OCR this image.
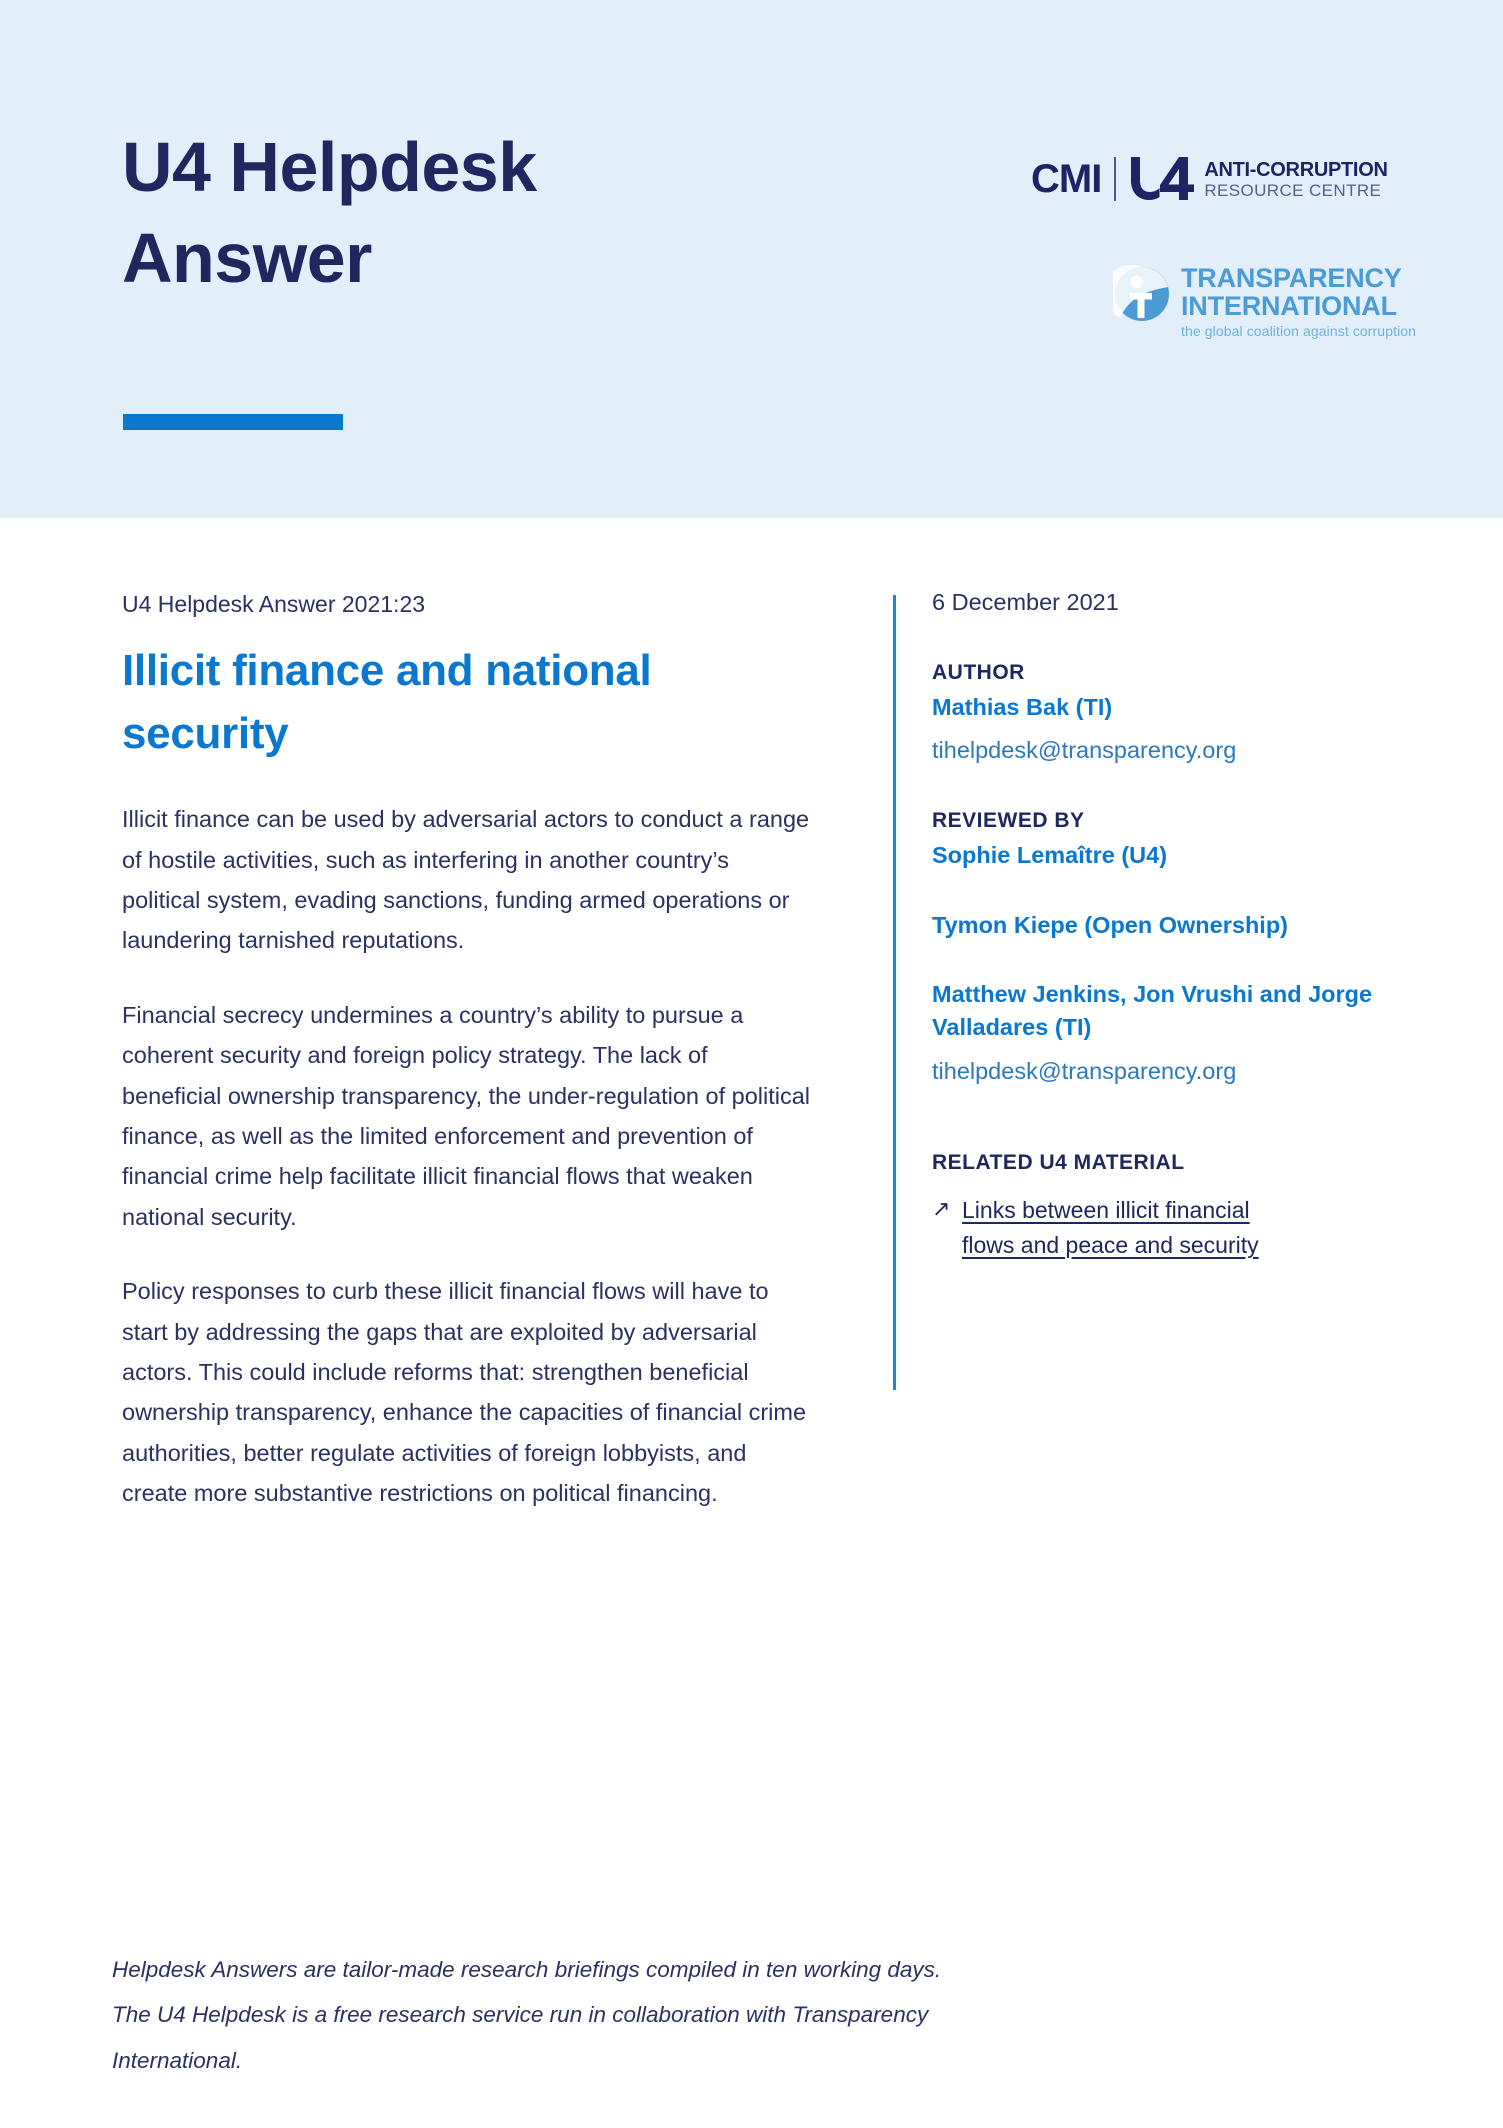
U4 Helpdesk Answer
CMI	ANTI-CORRUPTION
RESOURCE CENTRE
TRANSPARENCY
INTERNATIONAL
the global coalition against corruption
U4 Helpdesk Answer 2021:23
Illicit finance and national security

Illicit finance can be used by adversarial actors to conduct a range of hostile activities, such as interfering in another country’s political system, evading sanctions, funding armed operations or laundering tarnished reputations.

Financial secrecy undermines a country’s ability to pursue a coherent security and foreign policy strategy. The lack of beneficial ownership transparency, the under-regulation of political finance, as well as the limited enforcement and prevention of financial crime help facilitate illicit financial flows that weaken national security.

Policy responses to curb these illicit financial flows will have to start by addressing the gaps that are exploited by adversarial actors. This could include reforms that: strengthen beneficial ownership transparency, enhance the capacities of financial crime authorities, better regulate activities of foreign lobbyists, and create more substantive restrictions on political financing.

6 December 2021
AUTHOR
Mathias Bak (TI)
tihelpdesk@transparency.org
REVIEWED BY
Sophie Lemaître (U4)
Tymon Kiepe (Open Ownership)
Matthew Jenkins, Jon Vrushi and Jorge Valladares (TI)
tihelpdesk@transparency.org
RELATED U4 MATERIAL
↗ Links between illicit financial flows and peace and security
Helpdesk Answers are tailor-made research briefings compiled in ten working days.
The U4 Helpdesk is a free research service run in collaboration with Transparency
International.
